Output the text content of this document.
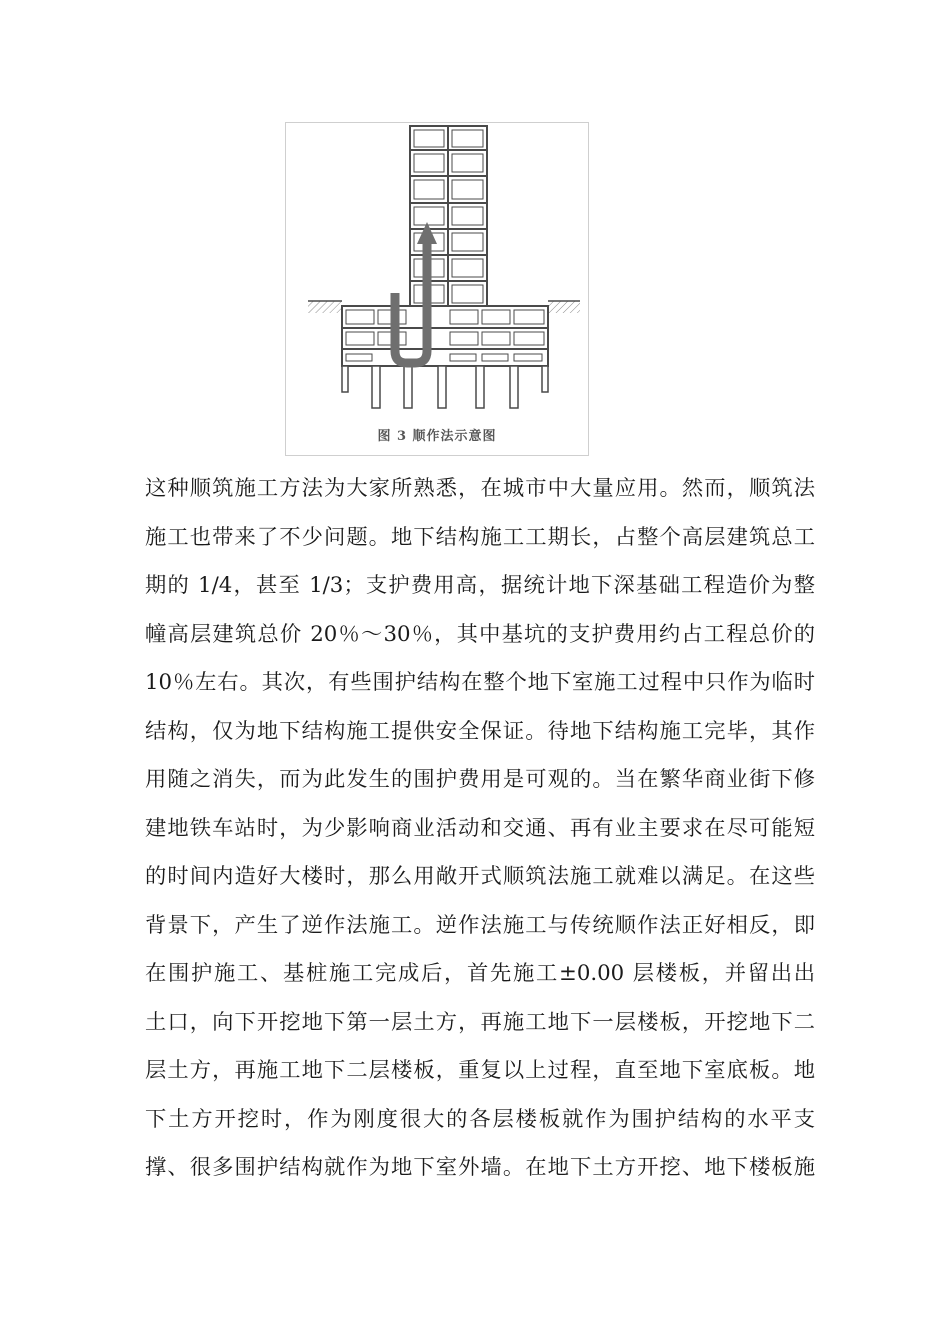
图 3 顺作法示意图
这种顺筑施工方法为大家所熟悉，在城市中大量应用。然而，顺筑法
施工也带来了不少问题。地下结构施工工期长，占整个高层建筑总工
期的 1/4，甚至 1/3；支护费用高，据统计地下深基础工程造价为整
幢高层建筑总价 20％～30％，其中基坑的支护费用约占工程总价的
10％左右。其次，有些围护结构在整个地下室施工过程中只作为临时
结构，仅为地下结构施工提供安全保证。待地下结构施工完毕，其作
用随之消失，而为此发生的围护费用是可观的。当在繁华商业街下修
建地铁车站时，为少影响商业活动和交通、再有业主要求在尽可能短
的时间内造好大楼时，那么用敞开式顺筑法施工就难以满足。在这些
背景下，产生了逆作法施工。逆作法施工与传统顺作法正好相反，即
在围护施工、基桩施工完成后，首先施工±0.00 层楼板，并留出出
土口，向下开挖地下第一层土方，再施工地下一层楼板，开挖地下二
层土方，再施工地下二层楼板，重复以上过程，直至地下室底板。地
下土方开挖时，作为刚度很大的各层楼板就作为围护结构的水平支
撑、很多围护结构就作为地下室外墙。在地下土方开挖、地下楼板施
